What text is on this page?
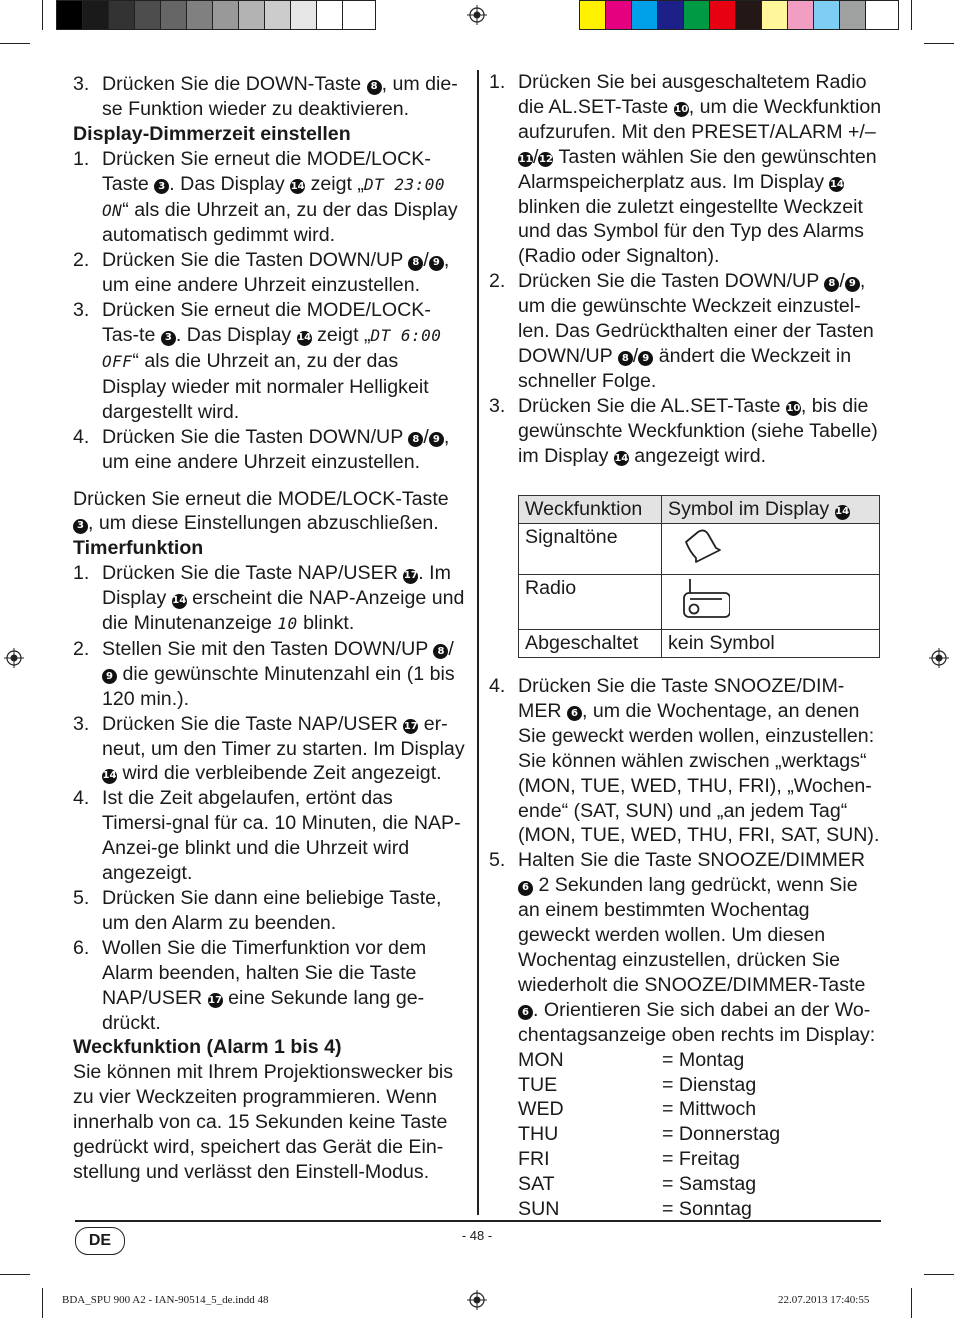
3. Drücken Sie die DOWN-Taste 8 , um die-se Funktion wieder zu deaktivieren.

Display-Dimmerzeit einstellen

1. Drücken Sie erneut die MODE/LOCK-Taste 3 . Das Display 14 zeigt „DT 23:00 ON“ als die Uhrzeit an, zu der das Display automatisch gedimmt wird.

2. Drücken Sie die Tasten DOWN/UP 8 / 9 , um eine andere Uhrzeit einzustellen.

3. Drücken Sie erneut die MODE/LOCK-Tas-te 3 . Das Display 14 zeigt „DT 6:00 OFF“ als die Uhrzeit an, zu der das Display wieder mit normaler Helligkeit dargestellt wird.

4. Drücken Sie die Tasten DOWN/UP 8 / 9 , um eine andere Uhrzeit einzustellen.

Drücken Sie erneut die MODE/LOCK-Taste 3 , um diese Einstellungen abzuschließen.

Timerfunktion

1. Drücken Sie die Taste NAP/USER 17. Im Display 14 erscheint die NAP-Anzeige und die Minutenanzeige 10 blinkt.

2. Stellen Sie mit den Tasten DOWN/UP 8 /9 die gewünschte Minutenzahl ein (1 bis 120 min.).

3. Drücken Sie die Taste NAP/USER 17 er-neut, um den Timer zu starten. Im Display 14 wird die verbleibende Zeit angezeigt.

4. Ist die Zeit abgelaufen, ertönt das Timersi-gnal für ca. 10 Minuten, die NAP-Anzei-ge blinkt und die Uhrzeit wird angezeigt.

5. Drücken Sie dann eine beliebige Taste, um den Alarm zu beenden.

6. Wollen Sie die Timerfunktion vor dem Alarm beenden, halten Sie die Taste NAP/USER 17 eine Sekunde lang ge-drückt.

Weckfunktion (Alarm 1 bis 4)

Sie können mit Ihrem Projektionswecker bis zu vier Weckzeiten programmieren. Wenn innerhalb von ca. 15 Sekunden keine Taste gedrückt wird, speichert das Gerät die Ein-stellung und verlässt den Einstell-Modus.

1. Drücken Sie bei ausgeschaltetem Radio die AL.SET-Taste 10, um die Weckfunktion aufzurufen. Mit den PRESET/ALARM +/– 11/12 Tasten wählen Sie den gewünschten Alarmspeicherplatz aus. Im Display 14 blinken die zuletzt eingestellte Weckzeit und das Symbol für den Typ des Alarms (Radio oder Signalton).

2. Drücken Sie die Tasten DOWN/UP 8 / 9 , um die gewünschte Weckzeit einzustel-len. Das Gedrückthalten einer der Tasten DOWN/UP 8 / 9 ändert die Weckzeit in schneller Folge.

3. Drücken Sie die AL.SET-Taste 10, bis die gewünschte Weckfunktion (siehe Tabelle) im Display 14 angezeigt wird.

Weckfunktion	Symbol im Display 14
Signaltöne	
Radio	
Abgeschaltet	kein Symbol

4. Drücken Sie die Taste SNOOZE/DIM-MER 6 , um die Wochentage, an denen Sie geweckt werden wollen, einzustellen: Sie können wählen zwischen „werktags“ (MON, TUE, WED, THU, FRI), „Wochen-ende“ (SAT, SUN) und „an jedem Tag“ (MON, TUE, WED, THU, FRI, SAT, SUN).

5. Halten Sie die Taste SNOOZE/DIMMER 6 2 Sekunden lang gedrückt, wenn Sie an einem bestimmten Wochentag geweckt werden wollen. Um diesen Wochentag einzustellen, drücken Sie wiederholt die SNOOZE/DIMMER-Taste 6 . Orientieren Sie sich dabei an der Wo-chentagsanzeige oben rechts im Display:

MON	= Montag
TUE	= Dienstag
WED	= Mittwoch
THU	= Donnerstag
FRI	= Freitag
SAT	= Samstag
SUN	= Sonntag
DE	- 48 -
BDA_SPU 900 A2 - IAN-90514_5_de.indd 48	22.07.2013 17:40:55
